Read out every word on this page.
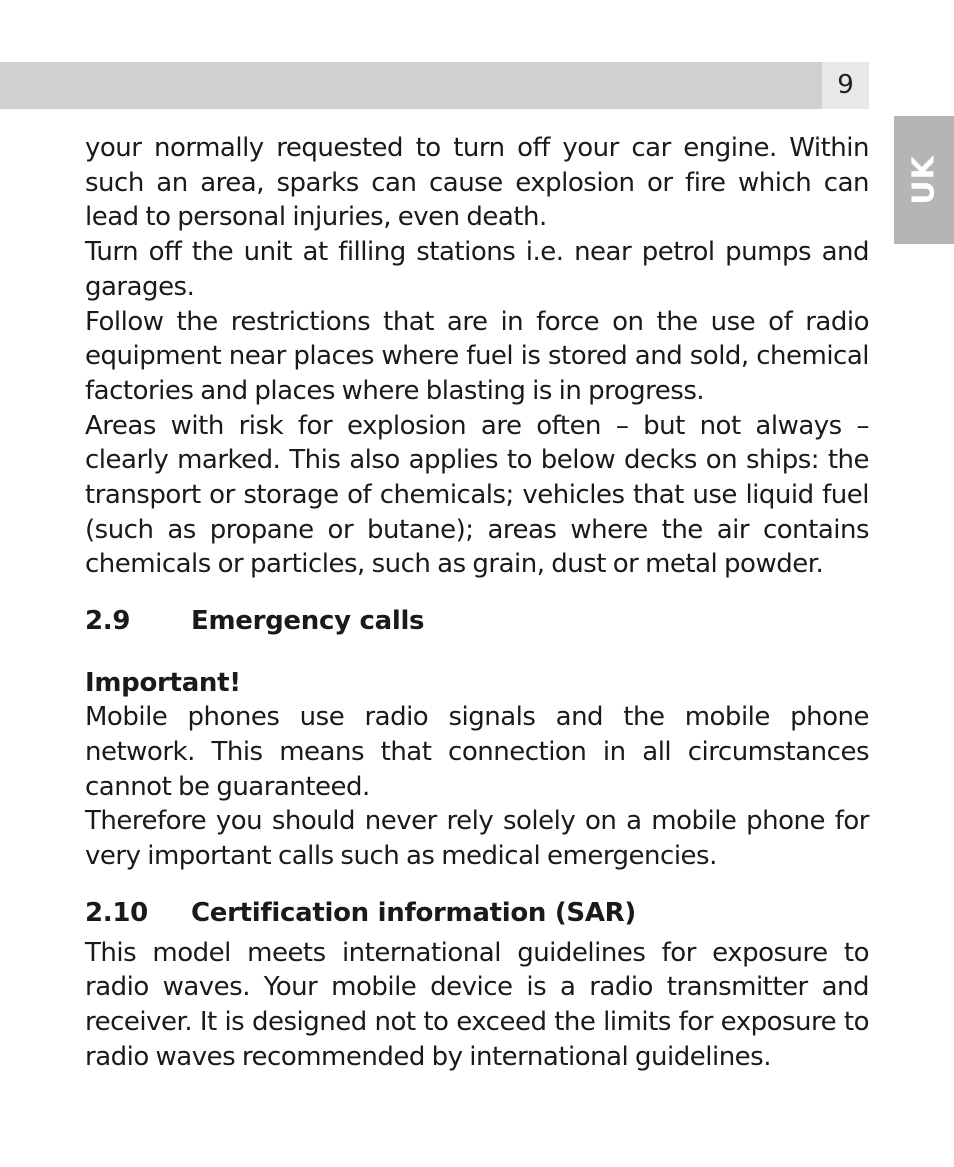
9
UK

your normally requested to turn off your car engine. Within such an area, sparks can cause explosion or fire which can lead to personal injuries, even death.

Turn off the unit at filling stations i.e. near petrol pumps and garages.

Follow the restrictions that are in force on the use of radio equipment near places where fuel is stored and sold, chemical factories and places where blasting is in progress.

Areas with risk for explosion are often – but not always – clearly marked. This also applies to below decks on ships: the transport or storage of chemicals; vehicles that use liquid fuel (such as propane or butane); areas where the air contains chemicals or particles, such as grain, dust or metal powder.

2.9	Emergency calls
Important!

Mobile phones use radio signals and the mobile phone network. This means that connection in all circumstances cannot be guaranteed.

Therefore you should never rely solely on a mobile phone for very important calls such as medical emergencies.

2.10	Certification information (SAR)

This model meets international guidelines for exposure to radio waves. Your mobile device is a radio transmitter and receiver. It is designed not to exceed the limits for exposure to radio waves recommended by international guidelines.
